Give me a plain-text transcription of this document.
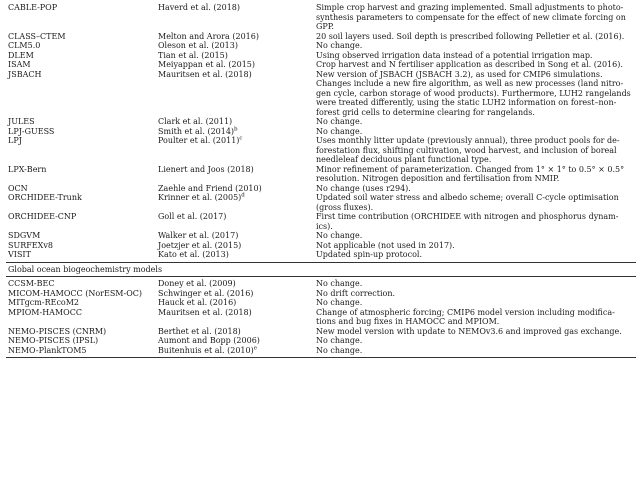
CABLE-POP	Haverd et al. (2018)	Simple crop harvest and grazing implemented. Small adjustments to photo-
synthesis parameters to compensate for the effect of new climate forcing on
GPP.
CLASS–CTEM	Melton and Arora (2016)	20 soil layers used. Soil depth is prescribed following Pelletier et al. (2016).
CLM5.0	Oleson et al. (2013)	No change.
DLEM	Tian et al. (2015)	Using observed irrigation data instead of a potential irrigation map.
ISAM	Meiyappan et al. (2015)	Crop harvest and N fertiliser application as described in Song et al. (2016).
JSBACH	Mauritsen et al. (2018)	New version of JSBACH (JSBACH 3.2), as used for CMIP6 simulations.
Changes include a new fire algorithm, as well as new processes (land nitro-
gen cycle, carbon storage of wood products). Furthermore, LUH2 rangelands
were treated differently, using the static LUH2 information on forest–non-
forest grid cells to determine clearing for rangelands.
JULES	Clark et al. (2011)	No change.
LPJ-GUESS	Smith et al. $(2014)^b$	No change.
LPJ	Poulter et al. $(2011)^c$	Uses monthly litter update (previously annual), three product pools for de-
forestation flux, shifting cultivation, wood harvest, and inclusion of boreal
needleleaf deciduous plant functional type.
LPX-Bern	Lienert and Joos (2018)	Minor refinement of parameterization. Changed from 1° × 1° to 0.5° × 0.5°
resolution. Nitrogen deposition and fertilisation from NMIP.
OCN	Zaehle and Friend (2010)	No change (uses r294).
ORCHIDEE-Trunk	Krinner et al. $(2005)^d$	Updated soil water stress and albedo scheme; overall C-cycle optimisation
(gross fluxes).
ORCHIDEE-CNP	Goll et al. (2017)	First time contribution (ORCHIDEE with nitrogen and phosphorus dynam-
ics).
SDGVM	Walker et al. (2017)	No change.
SURFEXv8	Joetzjer et al. (2015)	Not applicable (not used in 2017).
VISIT	Kato et al. (2013)	Updated spin-up protocol.
Global ocean biogeochemistry models
CCSM-BEC	Doney et al. (2009)	No change.
MICOM-HAMOCC (NorESM-OC)	Schwinger et al. (2016)	No drift correction.
MITgcm-REcoM2	Hauck et al. (2016)	No change.
MPIOM-HAMOCC	Mauritsen et al. (2018)	Change of atmospheric forcing; CMIP6 model version including modifica-
tions and bug fixes in HAMOCC and MPIOM.
NEMO-PISCES (CNRM)	Berthet et al. (2018)	New model version with update to NEMOv3.6 and improved gas exchange.
NEMO-PISCES (IPSL)	Aumont and Bopp (2006)	No change.
NEMO-PlankTOM5	Buitenhuis et al. $(2010)^e$	No change.
